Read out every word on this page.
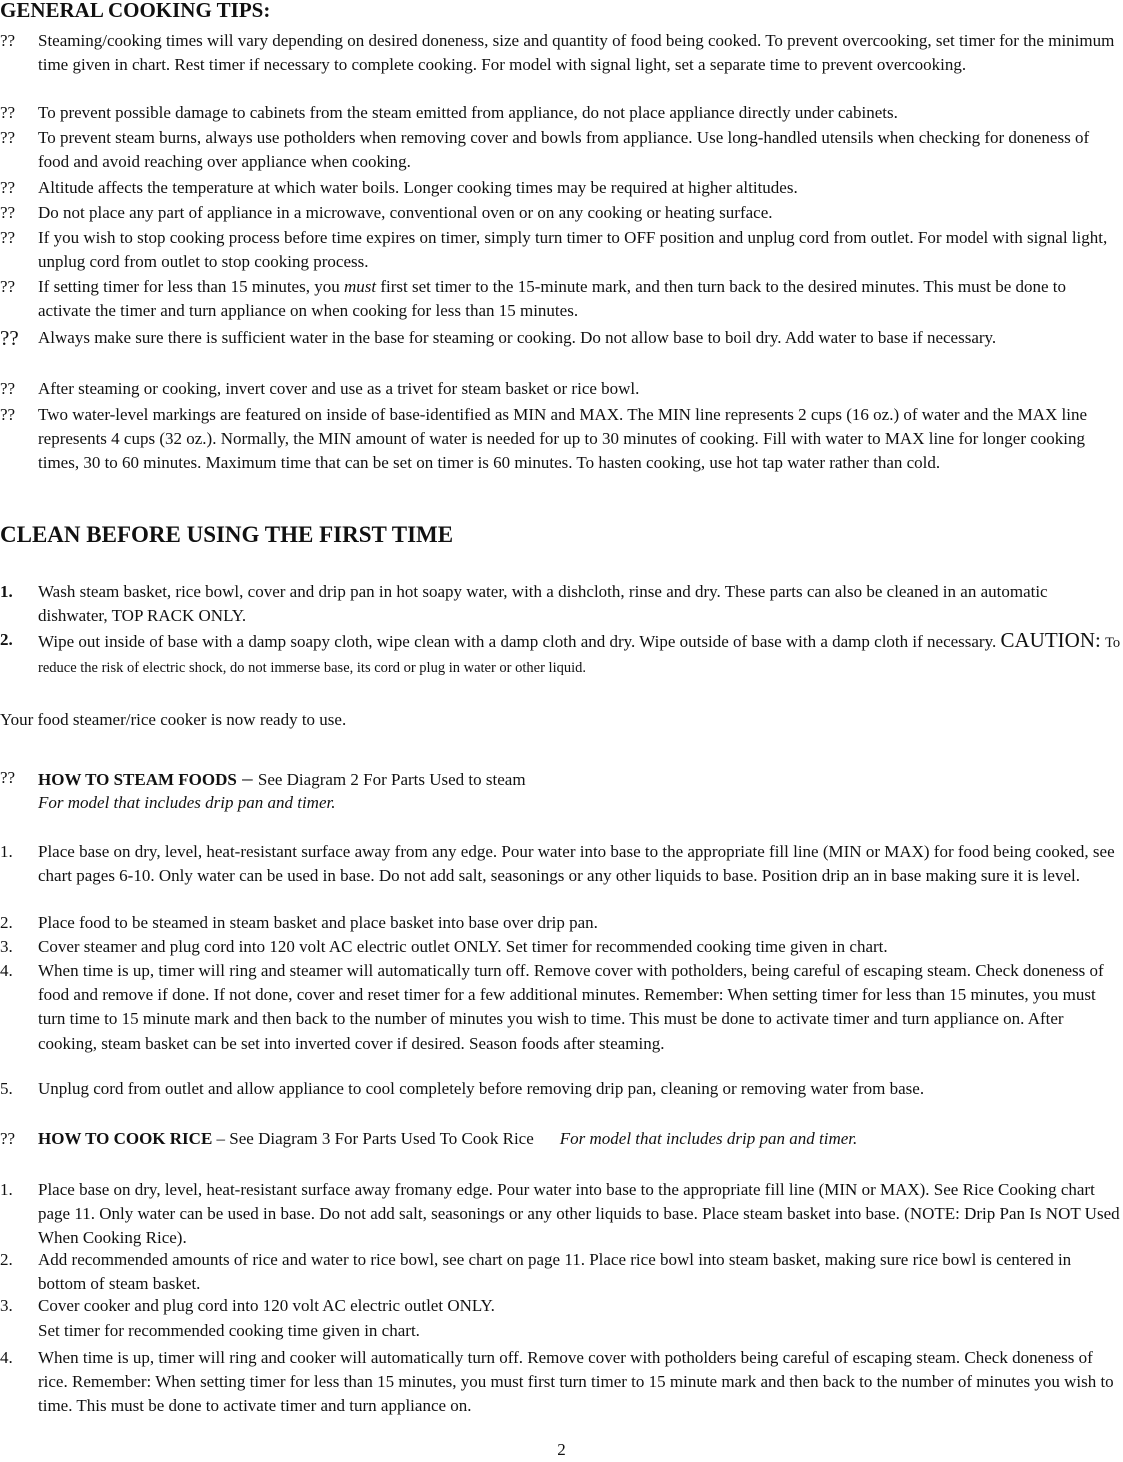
GENERAL COOKING TIPS:
??	Steaming/cooking times will vary depending on desired doneness, size and quantity of food being cooked. To prevent overcooking, set timer for the minimum time given in chart. Rest timer if necessary to complete cooking. For model with signal light, set a separate time to prevent overcooking.
??	To prevent possible damage to cabinets from the steam emitted from appliance, do not place appliance directly under cabinets.
??	To prevent steam burns, always use potholders when removing cover and bowls from appliance. Use long-handled utensils when checking for doneness of food and avoid reaching over appliance when cooking.
??	Altitude affects the temperature at which water boils. Longer cooking times may be required at higher altitudes.
??	Do not place any part of appliance in a microwave, conventional oven or on any cooking or heating surface.
??	If you wish to stop cooking process before time expires on timer, simply turn timer to OFF position and unplug cord from outlet. For model with signal light, unplug cord from outlet to stop cooking process.
??	If setting timer for less than 15 minutes, you must first set timer to the 15-minute mark, and then turn back to the desired minutes. This must be done to activate the timer and turn appliance on when cooking for less than 15 minutes.
??	Always make sure there is sufficient water in the base for steaming or cooking. Do not allow base to boil dry. Add water to base if necessary.
??	After steaming or cooking, invert cover and use as a trivet for steam basket or rice bowl.
??	Two water-level markings are featured on inside of base-identified as MIN and MAX. The MIN line represents 2 cups (16 oz.) of water and the MAX line represents 4 cups (32 oz.). Normally, the MIN amount of water is needed for up to 30 minutes of cooking. Fill with water to MAX line for longer cooking times, 30 to 60 minutes. Maximum time that can be set on timer is 60 minutes. To hasten cooking, use hot tap water rather than cold.
CLEAN BEFORE USING THE FIRST TIME
1.	Wash steam basket, rice bowl, cover and drip pan in hot soapy water, with a dishcloth, rinse and dry. These parts can also be cleaned in an automatic dishwater, TOP RACK ONLY.
2.	Wipe out inside of base with a damp soapy cloth, wipe clean with a damp cloth and dry. Wipe outside of base with a damp cloth if necessary. CAUTION: To reduce the risk of electric shock, do not immerse base, its cord or plug in water or other liquid.
Your food steamer/rice cooker is now ready to use.
??	HOW TO STEAM FOODS – See Diagram 2 For Parts Used to steam
For model that includes drip pan and timer.
1.	Place base on dry, level, heat-resistant surface away from any edge. Pour water into base to the appropriate fill line (MIN or MAX) for food being cooked, see chart pages 6-10. Only water can be used in base. Do not add salt, seasonings or any other liquids to base. Position drip an in base making sure it is level.
2.	Place food to be steamed in steam basket and place basket into base over drip pan.
3.	Cover steamer and plug cord into 120 volt AC electric outlet ONLY. Set timer for recommended cooking time given in chart.
4.	When time is up, timer will ring and steamer will automatically turn off. Remove cover with potholders, being careful of escaping steam. Check doneness of food and remove if done. If not done, cover and reset timer for a few additional minutes. Remember: When setting timer for less than 15 minutes, you must turn time to 15 minute mark and then back to the number of minutes you wish to time. This must be done to activate timer and turn appliance on. After cooking, steam basket can be set into inverted cover if desired. Season foods after steaming.
5.	Unplug cord from outlet and allow appliance to cool completely before removing drip pan, cleaning or removing water from base.
??	HOW TO COOK RICE – See Diagram 3 For Parts Used To Cook Rice For model that includes drip pan and timer.
1.	Place base on dry, level, heat-resistant surface away fromany edge. Pour water into base to the appropriate fill line (MIN or MAX). See Rice Cooking chart page 11. Only water can be used in base. Do not add salt, seasonings or any other liquids to base. Place steam basket into base. (NOTE: Drip Pan Is NOT Used When Cooking Rice).
2.	Add recommended amounts of rice and water to rice bowl, see chart on page 11. Place rice bowl into steam basket, making sure rice bowl is centered in bottom of steam basket.
3.	Cover cooker and plug cord into 120 volt AC electric outlet ONLY.
Set timer for recommended cooking time given in chart.
4.	When time is up, timer will ring and cooker will automatically turn off. Remove cover with potholders being careful of escaping steam. Check doneness of rice. Remember: When setting timer for less than 15 minutes, you must first turn timer to 15 minute mark and then back to the number of minutes you wish to time. This must be done to activate timer and turn appliance on.
2
